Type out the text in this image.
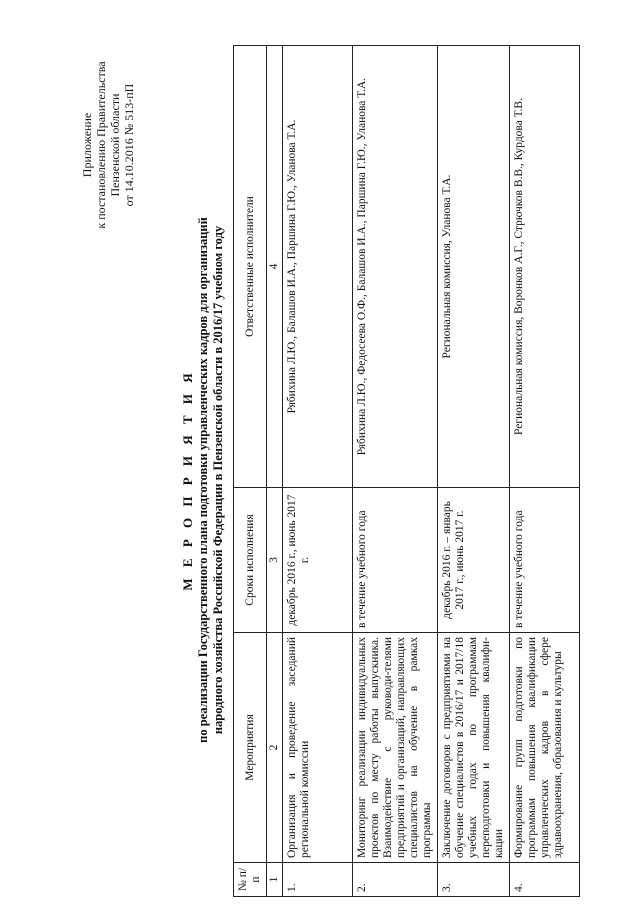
Приложение к постановлению Правительства Пензенской области от 14.10.2016 № 513-пП
М Е Р О П Р И Я Т И Я по реализации Государственного плана подготовки управленческих кадров для организаций народного хозяйства Российской Федерации в Пензенской области в 2016/17 учебном году
№ п/п	Мероприятия	Сроки исполнения	Ответственные исполнители
1	2	3	4
1.	Организация и проведение заседаний региональной комиссии	декабрь 2016 г., июнь 2017 г.	Рябихина Л.Ю., Балашов И.А., Паршина Г.Ю., Уланова Т.А.
2.	Мониторинг реализации индивидуальных проектов по месту работы выпускника. Взаимодействие с руководи-телями предприятий и организаций, направляющих специалистов на обучение в рамках программы	в течение учебного года	Рябихина Л.Ю., Федосеева О.Ф., Балашов И.А., Паршина Г.Ю., Уланова Т.А.
3.	Заключение договоров с предприятиями на обучение специалистов в 2016/17 и 2017/18 учебных годах по программам переподготовки и повышения квалифи-кации	декабрь 2016 г. – январь 2017 г., июнь 2017 г.	Региональная комиссия, Уланова Т.А.
4.	Формирование групп подготовки по программам повышения квалификации управленческих кадров в сфере здравоохранения, образования и культуры	в течение учебного года	Региональная комиссия, Воронков А.Г., Стрючков В.В., Курдова Т.В.
